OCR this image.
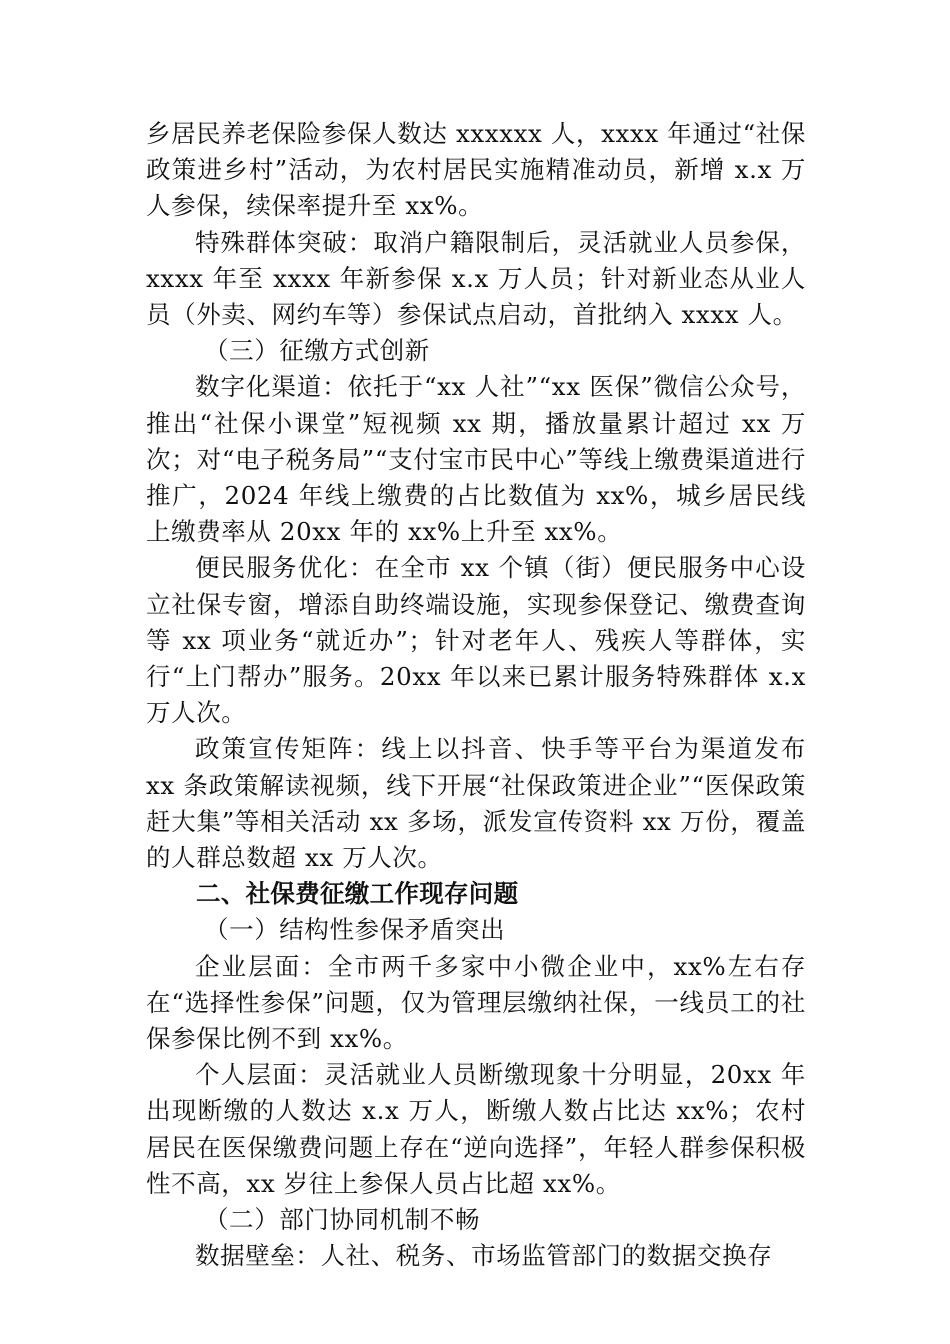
乡居民养老保险参保人数达 xxxxxx 人，xxxx 年通过“社保政策进乡村”活动，为农村居民实施精准动员，新增 x.x 万人参保，续保率提升至 xx%。

特殊群体突破：取消户籍限制后，灵活就业人员参保，xxxx 年至 xxxx 年新参保 x.x 万人员；针对新业态从业人员（外卖、网约车等）参保试点启动，首批纳入 xxxx 人。

（三）征缴方式创新

数字化渠道：依托于“xx 人社”“xx 医保”微信公众号，推出“社保小课堂”短视频 xx 期，播放量累计超过 xx 万次；对“电子税务局”“支付宝市民中心”等线上缴费渠道进行推广，2024 年线上缴费的占比数值为 xx%，城乡居民线上缴费率从 20xx 年的 xx%上升至 xx%。

便民服务优化：在全市 xx 个镇（街）便民服务中心设立社保专窗，增添自助终端设施，实现参保登记、缴费查询等 xx 项业务“就近办”；针对老年人、残疾人等群体，实行“上门帮办”服务。20xx 年以来已累计服务特殊群体 x.x 万人次。

政策宣传矩阵：线上以抖音、快手等平台为渠道发布 xx 条政策解读视频，线下开展“社保政策进企业”“医保政策赶大集”等相关活动 xx 多场，派发宣传资料 xx 万份，覆盖的人群总数超 xx 万人次。

二、社保费征缴工作现存问题

（一）结构性参保矛盾突出

企业层面：全市两千多家中小微企业中，xx%左右存在“选择性参保”问题，仅为管理层缴纳社保，一线员工的社保参保比例不到 xx%。

个人层面：灵活就业人员断缴现象十分明显，20xx 年出现断缴的人数达 x.x 万人，断缴人数占比达 xx%；农村居民在医保缴费问题上存在“逆向选择”，年轻人群参保积极性不高，xx 岁往上参保人员占比超 xx%。

（二）部门协同机制不畅

数据壁垒：人社、税务、市场监管部门的数据交换存
